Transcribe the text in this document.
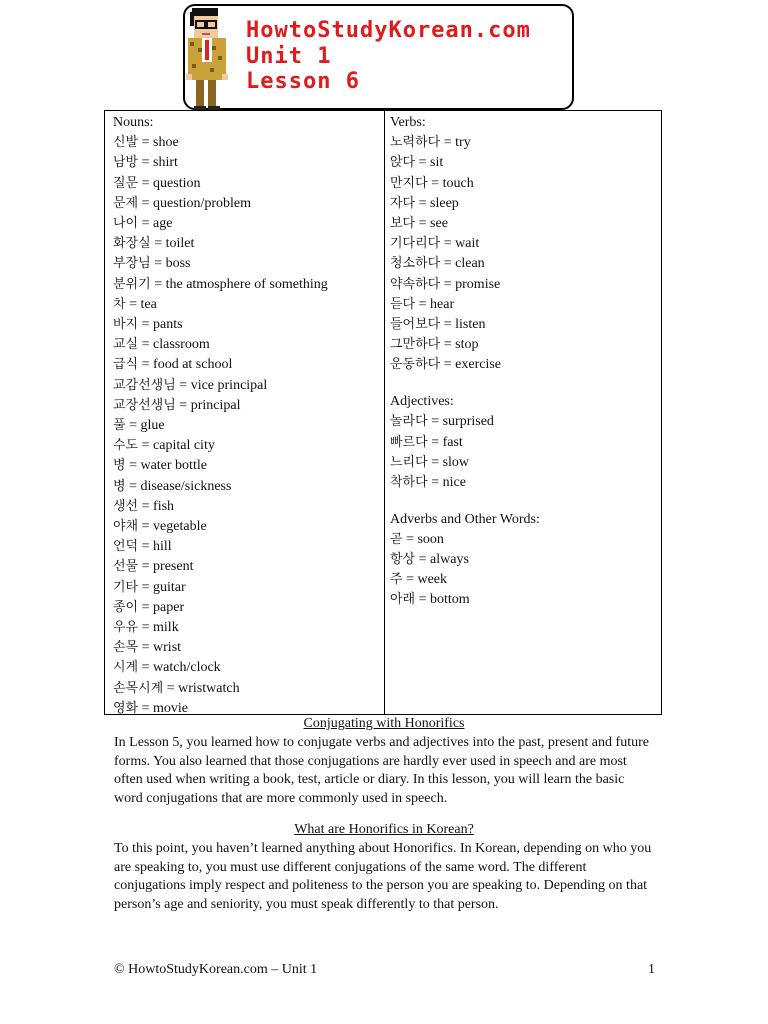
HowtoStudyKorean.com
Unit 1
Lesson 6
Nouns:
신발 = shoe
남방 = shirt
질문 = question
문제 = question/problem
나이 = age
화장실 = toilet
부장님 = boss
분위기 = the atmosphere of something
차 = tea
바지 = pants
교실 = classroom
급식 = food at school
교감선생님 = vice principal
교장선생님 = principal
풀 = glue
수도 = capital city
병 = water bottle
병 = disease/sickness
생선 = fish
야채 = vegetable
언덕 = hill
선물 = present
기타 = guitar
종이 = paper
우유 = milk
손목 = wrist
시계 = watch/clock
손목시계 = wristwatch
영화 = movie
Verbs:
노력하다 = try
앉다 = sit
만지다 = touch
자다 = sleep
보다 = see
기다리다 = wait
청소하다 = clean
약속하다 = promise
듣다 = hear
들어보다 = listen
그만하다 = stop
운동하다 = exercise
Adjectives:
놀라다 = surprised
빠르다 = fast
느리다 = slow
착하다 = nice
Adverbs and Other Words:
곧 = soon
항상 = always
주 = week
아래 = bottom
Conjugating with Honorifics
In Lesson 5, you learned how to conjugate verbs and adjectives into the past, present and future forms. You also learned that those conjugations are hardly ever used in speech and are most often used when writing a book, test, article or diary. In this lesson, you will learn the basic word conjugations that are more commonly used in speech.
What are Honorifics in Korean?
To this point, you haven’t learned anything about Honorifics. In Korean, depending on who you are speaking to, you must use different conjugations of the same word. The different conjugations imply respect and politeness to the person you are speaking to. Depending on that person’s age and seniority, you must speak differently to that person.
© HowtoStudyKorean.com – Unit 1	1
